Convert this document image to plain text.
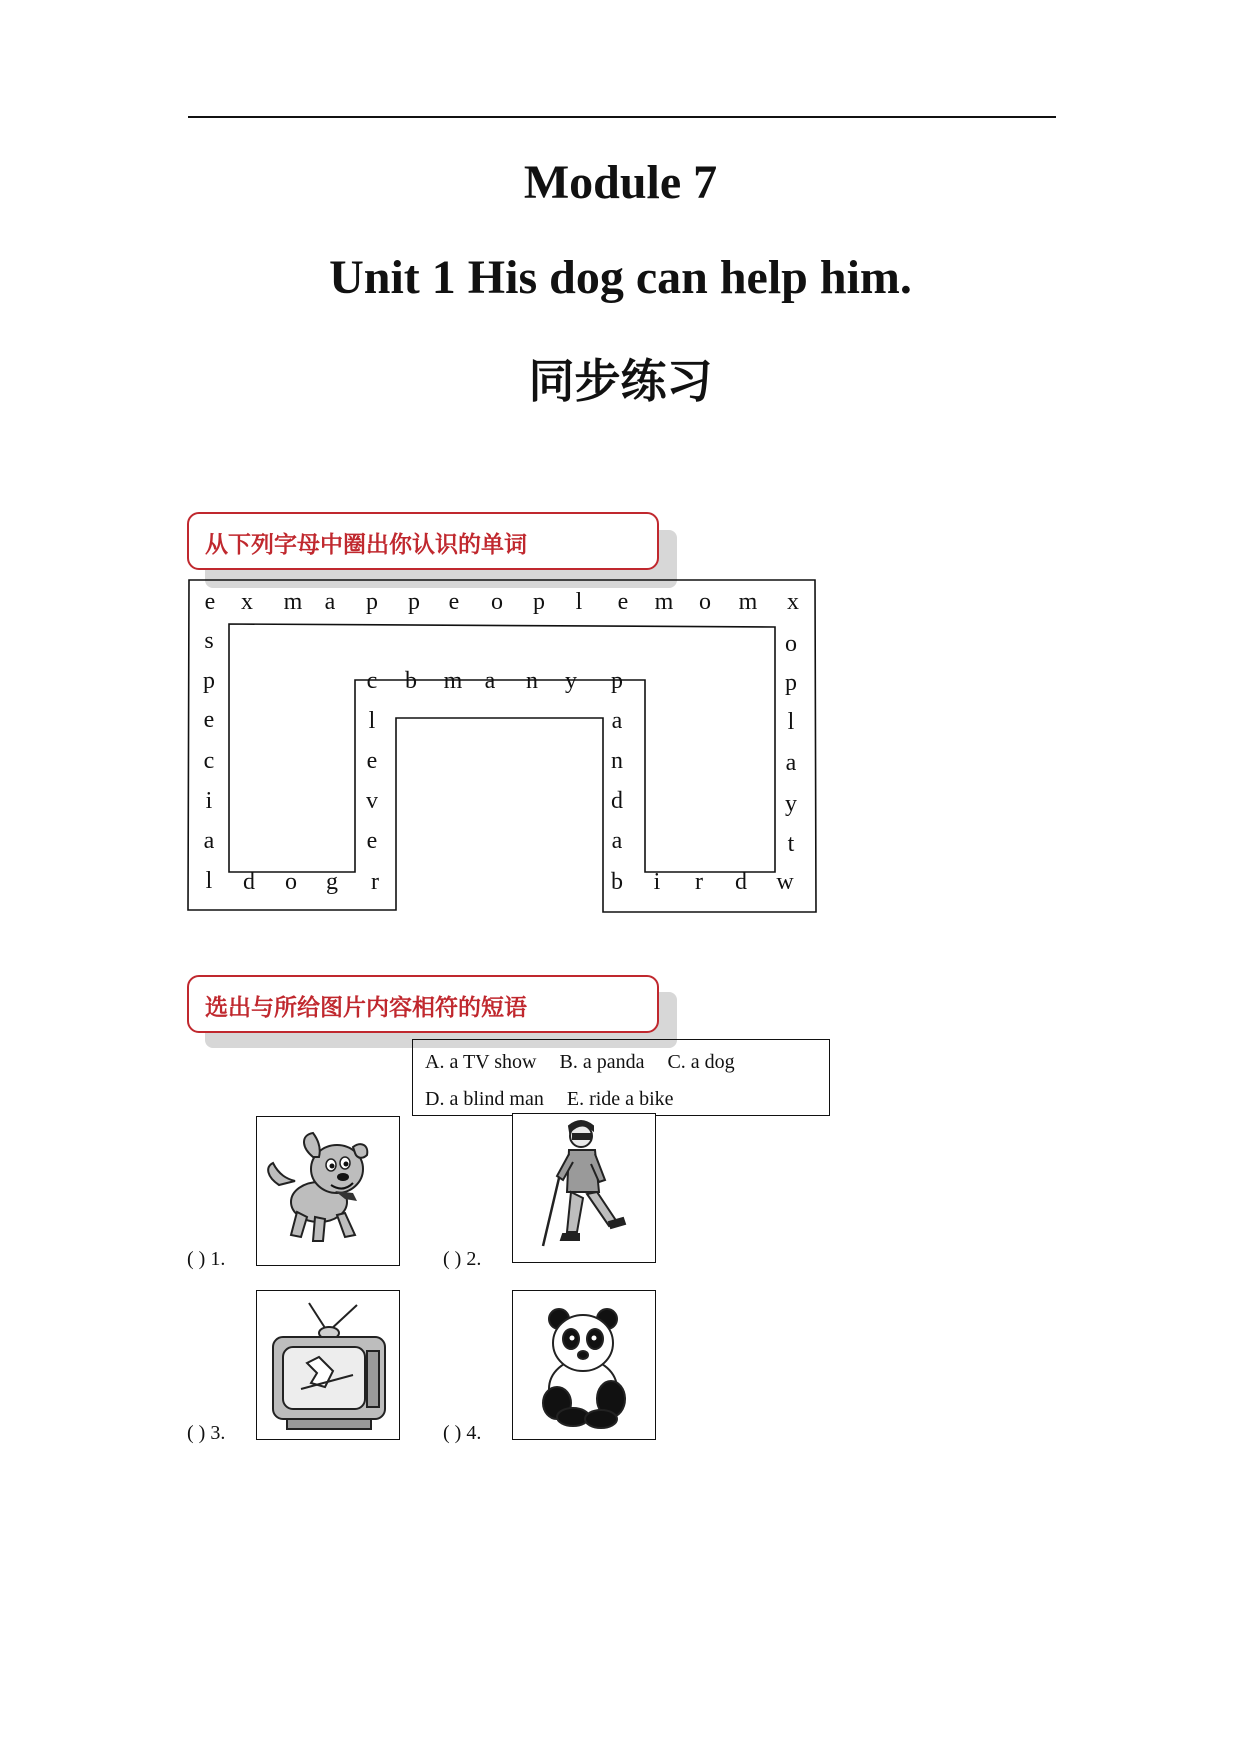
Module 7
Unit 1 His dog can help him.
同步练习
从下列字母中圈出你认识的单词
e x m a p p e o p l e m o m x
s
p
e
c
i
a
l d o g r
l
e
v
e
c b m a n y p
a
n
d
a
b i r d w
o
p
l
a
y
t
选出与所给图片内容相符的短语
A. a TV show B. a panda C. a dog
D. a blind man E. ride a bike
( ) 1.	( ) 2.
( ) 3.	( ) 4.
